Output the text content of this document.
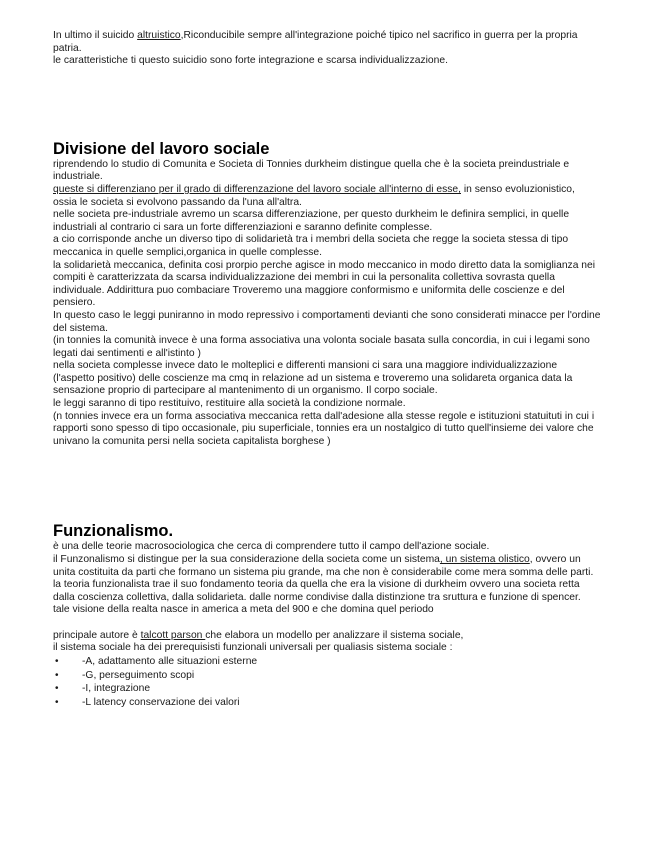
In ultimo il suicido altruistico,Riconducibile sempre all'integrazione poiché tipico nel sacrifico in guerra per la propria patria.

le caratteristiche ti questo suicidio sono forte integrazione e scarsa individualizzazione.

Divisione del lavoro sociale

riprendendo lo studio di Comunita e Societa di Tonnies durkheim distingue quella che è la societa preindustriale e industriale.

queste si differenziano per il grado di differenzazione del lavoro sociale all'interno di esse, in senso evoluzionistico, ossia le societa si evolvono passando da l'una all'altra.

nelle societa pre-industriale avremo un scarsa differenziazione, per questo durkheim le definira semplici, in quelle industriali al contrario ci sara un forte differenziazioni e saranno definite complesse.

a cio corrisponde anche un diverso tipo di solidarietà tra i membri della societa che regge la societa stessa di tipo meccanica in quelle semplici,organica in quelle complesse.

la solidarietà meccanica, definita cosi prorpio perche agisce in modo meccanico in modo diretto data la somiglianza nei compiti è caratterizzata da scarsa individualizzazione dei membri in cui la personalita collettiva sovrasta quella individuale. Addirittura puo combaciare Troveremo una maggiore conformismo e uniformita delle coscienze e del pensiero.

In questo caso le leggi puniranno in modo repressivo i comportamenti devianti che sono considerati minacce per l'ordine del sistema.

(in tonnies la comunità invece è una forma associativa una volonta sociale basata sulla concordia, in cui i legami sono legati dai sentimenti e all'istinto )

nella societa complesse invece dato le molteplici e differenti mansioni ci sara una maggiore individualizzazione (l'aspetto positivo) delle coscienze ma cmq in relazione ad un sistema e troveremo una solidareta organica data la sensazione proprio di partecipare al mantenimento di un organismo. Il corpo sociale.

le leggi saranno di tipo restituivo, restituire alla società la condizione normale.

(n tonnies invece era un forma associativa meccanica retta dall'adesione alla stesse regole e istituzioni statuituti in cui i rapporti sono spesso di tipo occasionale, piu superficiale, tonnies era un nostalgico di tutto quell'insieme dei valore che univano la comunita persi nella societa capitalista borghese )

Funzionalismo.

è una delle teorie macrosociologica che cerca di comprendere tutto il campo dell'azione sociale.

il Funzonalismo si distingue per la sua considerazione della societa come un sistema, un sistema olistico, ovvero un unita costituita da parti che formano un sistema piu grande, ma che non è considerabile come mera somma delle parti.

la teoria funzionalista trae il suo fondamento teoria da quella che era la visione di durkheim ovvero una societa retta dalla coscienza collettiva, dalla solidarieta. dalle norme condivise dalla distinzione tra sruttura e funzione di spencer.

tale visione della realta nasce in america a meta del 900 e che domina quel periodo

principale autore è talcott parson che elabora un modello per analizzare il sistema sociale,

il sistema sociale ha dei prerequisisti funzionali universali per qualiasis sistema sociale :

• -A, adattamento alle situazioni esterne
• -G, perseguimento scopi
• -I, integrazione
• -L latency conservazione dei valori
